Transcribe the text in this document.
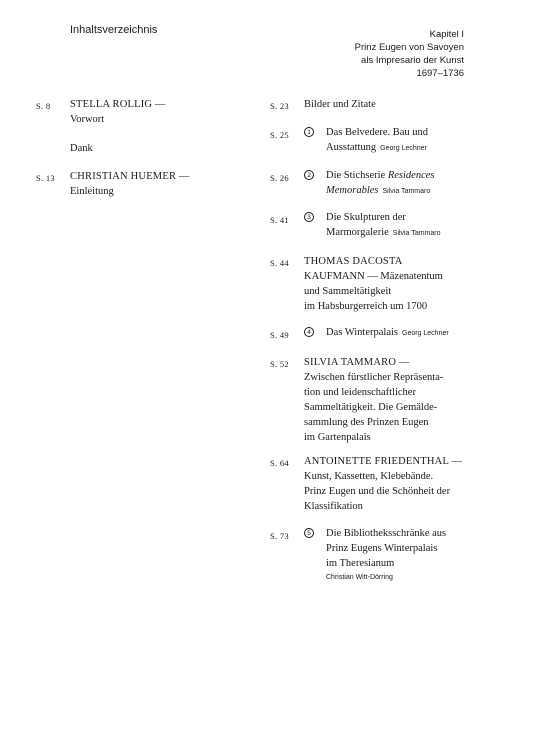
Inhaltsverzeichnis	Kapitel I
Prinz Eugen von Savoyen
als Impresario der Kunst
1697–1736
S. 8 STELLA ROLLIG —
Vorwort
Dank
S. 13 CHRISTIAN HUEMER —
Einleitung
S. 23 Bilder und Zitate
S. 25	1	Das Belvedere. Bau und
Ausstattung Georg Lechner
S. 26	2	Die Stichserie Residences
Memorables Silvia Tammaro
S. 41	3	Die Skulpturen der
Marmorgalerie Silvia Tammaro
S. 44 THOMAS DACOSTA
KAUFMANN — Mäzenatentum
und Sammeltätigkeit
im Habsburgerreich um 1700
S. 49	4	Das Winterpalais Georg Lechner
S. 52 SILVIA TAMMARO —
Zwischen fürstlicher Repräsenta-
tion und leidenschaftlicher
Sammeltätigkeit. Die Gemälde-
sammlung des Prinzen Eugen
im Gartenpalais
S. 64 ANTOINETTE FRIEDENTHAL —
Kunst, Kassetten, Klebebände.
Prinz Eugen und die Schönheit der
Klassifikation
S. 73	5	Die Bibliotheksschränke aus
Prinz Eugens Winterpalais
im Theresianum
Christian Witt-Dörring
